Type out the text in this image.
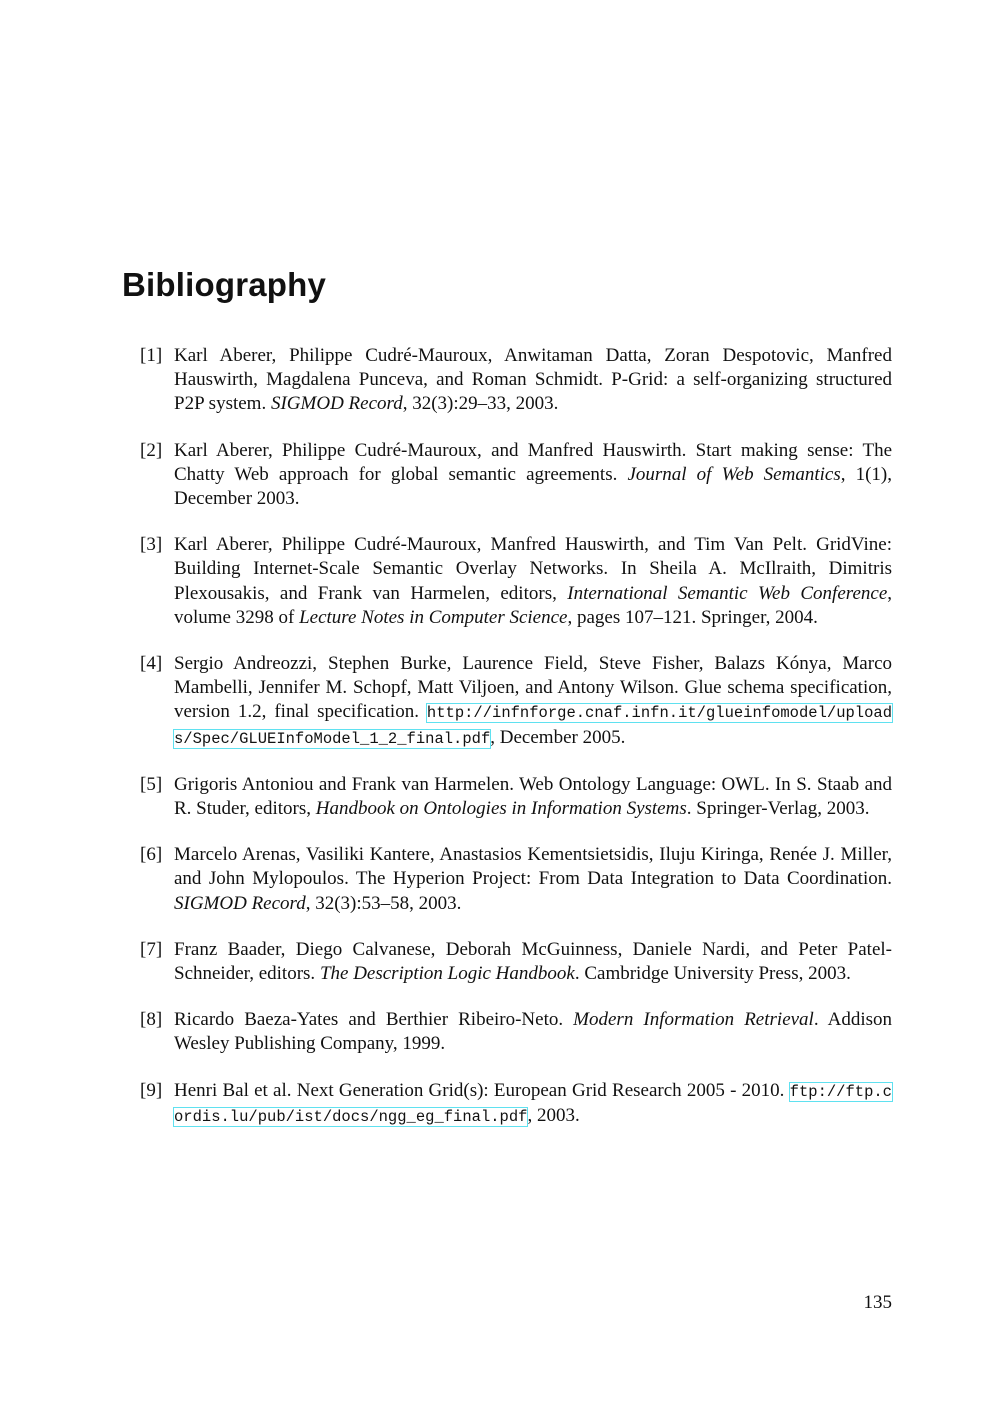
Bibliography
[1] Karl Aberer, Philippe Cudré-Mauroux, Anwitaman Datta, Zoran Despotovic, Manfred Hauswirth, Magdalena Punceva, and Roman Schmidt. P-Grid: a self-organizing structured P2P system. SIGMOD Record, 32(3):29–33, 2003.
[2] Karl Aberer, Philippe Cudré-Mauroux, and Manfred Hauswirth. Start making sense: The Chatty Web approach for global semantic agreements. Journal of Web Semantics, 1(1), December 2003.
[3] Karl Aberer, Philippe Cudré-Mauroux, Manfred Hauswirth, and Tim Van Pelt. GridVine: Building Internet-Scale Semantic Overlay Networks. In Sheila A. McIlraith, Dimitris Plexousakis, and Frank van Harmelen, editors, International Semantic Web Conference, volume 3298 of Lecture Notes in Computer Science, pages 107–121. Springer, 2004.
[4] Sergio Andreozzi, Stephen Burke, Laurence Field, Steve Fisher, Balazs Kónya, Marco Mambelli, Jennifer M. Schopf, Matt Viljoen, and Antony Wilson. Glue schema specification, version 1.2, final specification. http://infnforge.cnaf.infn.it/glueinfomodel/uploads/Spec/GLUEInfoModel_1_2_final.pdf, December 2005.
[5] Grigoris Antoniou and Frank van Harmelen. Web Ontology Language: OWL. In S. Staab and R. Studer, editors, Handbook on Ontologies in Information Systems. Springer-Verlag, 2003.
[6] Marcelo Arenas, Vasiliki Kantere, Anastasios Kementsietsidis, Iluju Kiringa, Renée J. Miller, and John Mylopoulos. The Hyperion Project: From Data Integration to Data Coordination. SIGMOD Record, 32(3):53–58, 2003.
[7] Franz Baader, Diego Calvanese, Deborah McGuinness, Daniele Nardi, and Peter Patel-Schneider, editors. The Description Logic Handbook. Cambridge University Press, 2003.
[8] Ricardo Baeza-Yates and Berthier Ribeiro-Neto. Modern Information Retrieval. Addison Wesley Publishing Company, 1999.
[9] Henri Bal et al. Next Generation Grid(s): European Grid Research 2005 - 2010. ftp://ftp.cordis.lu/pub/ist/docs/ngg_eg_final.pdf, 2003.
135
